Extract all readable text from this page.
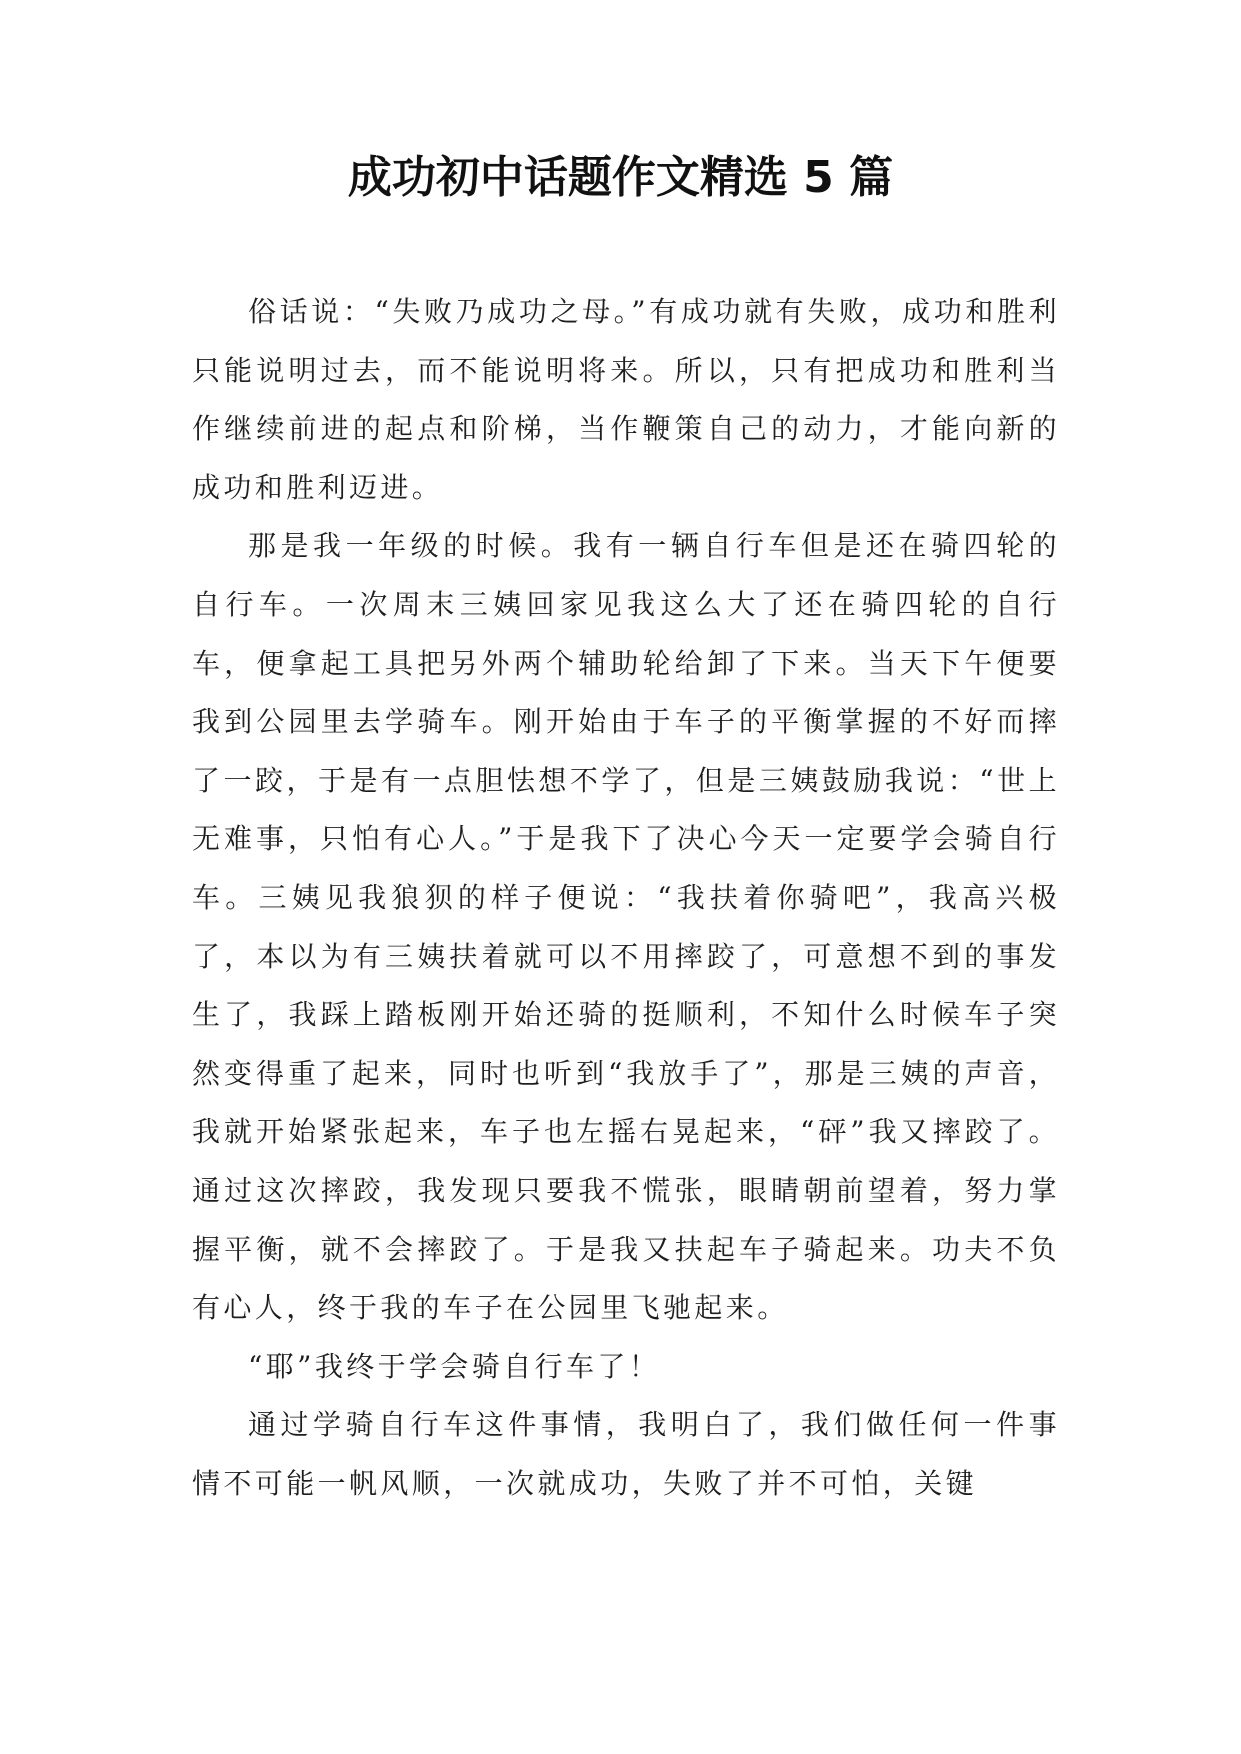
成功初中话题作文精选 5 篇

俗话说：“失败乃成功之母。”有成功就有失败，成功和胜利只能说明过去，而不能说明将来。所以，只有把成功和胜利当作继续前进的起点和阶梯，当作鞭策自己的动力，才能向新的成功和胜利迈进。

那是我一年级的时候。我有一辆自行车但是还在骑四轮的自行车。一次周末三姨回家见我这么大了还在骑四轮的自行车，便拿起工具把另外两个辅助轮给卸了下来。当天下午便要我到公园里去学骑车。刚开始由于车子的平衡掌握的不好而摔了一跤，于是有一点胆怯想不学了，但是三姨鼓励我说：“世上无难事，只怕有心人。”于是我下了决心今天一定要学会骑自行车。三姨见我狼狈的样子便说：“我扶着你骑吧”，我高兴极了，本以为有三姨扶着就可以不用摔跤了，可意想不到的事发生了，我踩上踏板刚开始还骑的挺顺利，不知什么时候车子突然变得重了起来，同时也听到“我放手了”，那是三姨的声音，我就开始紧张起来，车子也左摇右晃起来，“砰”我又摔跤了。 通过这次摔跤，我发现只要我不慌张，眼睛朝前望着，努力掌握平衡，就不会摔跤了。于是我又扶起车子骑起来。功夫不负有心人，终于我的车子在公园里飞驰起来。

“耶”我终于学会骑自行车了！

通过学骑自行车这件事情，我明白了，我们做任何一件事情不可能一帆风顺，一次就成功，失败了并不可怕，关键
